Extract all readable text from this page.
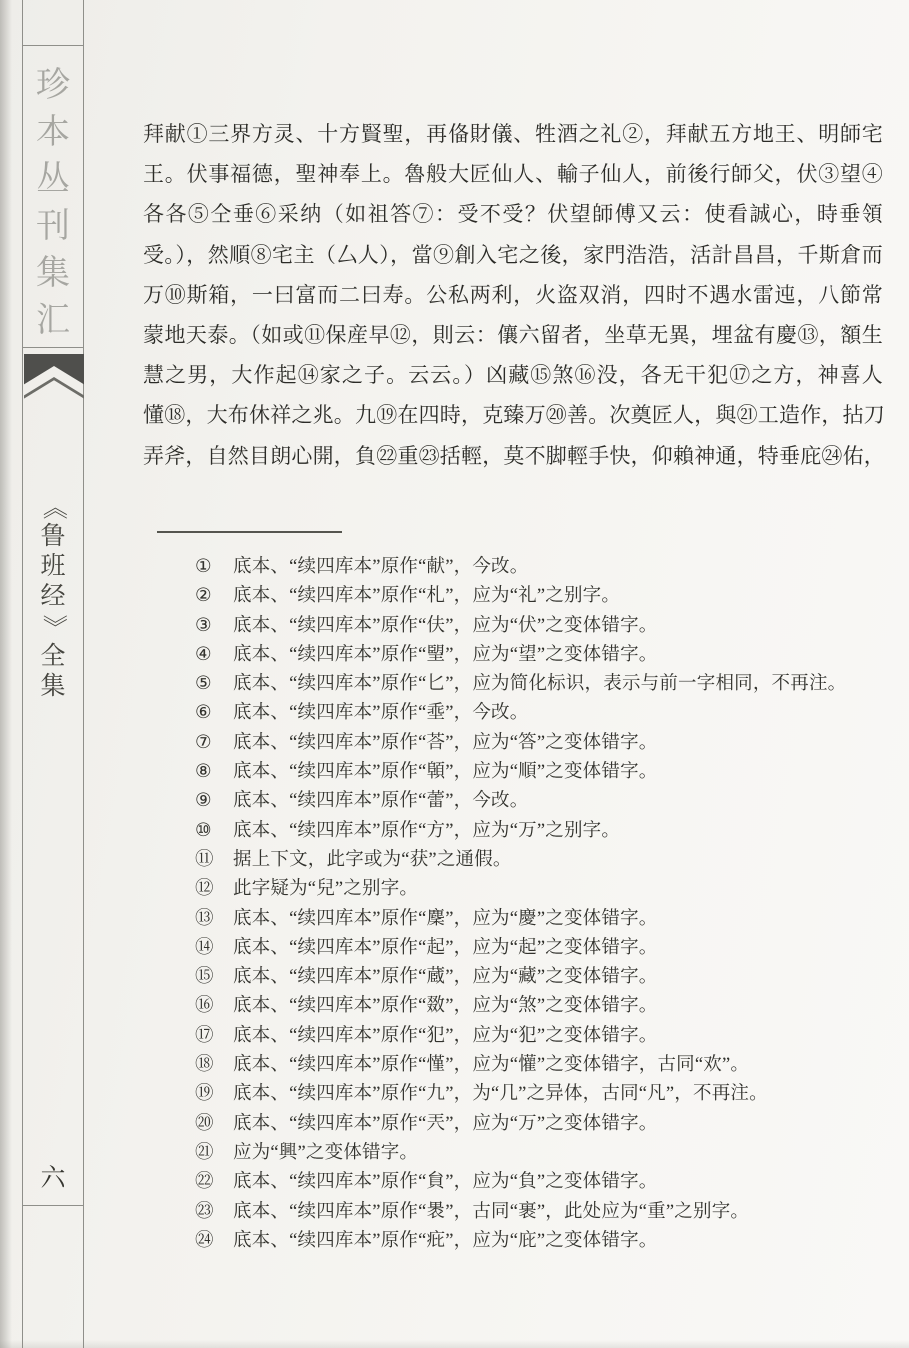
珍
本
丛
刊
集
汇
《
鲁
班
经
》
全
集
六
拜献①三界方灵、十方賢聖，再俻財儀、牲酒之礼②，拜献五方地王、明師宅
王。伏事福德，聖神奉上。魯般大匠仙人、輸子仙人，前後行師父，伏③望④
各各⑤仝垂⑥采纳（如祖答⑦：受不受？伏望師傅又云：使看誠心，時垂領
受。），然順⑧宅主（厶人），當⑨創入宅之後，家門浩浩，活計昌昌，千斯倉而
万⑩斯箱，一曰富而二曰寿。公私两利，火盗双消，四时不遇水雷迍，八節常
蒙地天泰。（如或⑪保産早⑫，則云：儴六留者，坐草无異，埋盆有慶⑬，額生
慧之男，大作起⑭家之子。云云。）凶藏⑮煞⑯没，各无干犯⑰之方，神喜人
懂⑱，大布休祥之兆。九⑲在四時，克臻万⑳善。次奠匠人，與㉑工造作，拈刀
弄斧，自然目朗心開，負㉒重㉓括輕，莫不脚輕手快，仰賴神通，特垂庇㉔佑，
①	底本、“续四库本”原作“献”，今改。
②	底本、“续四库本”原作“札”，应为“礼”之别字。
③	底本、“续四库本”原作“伕”，应为“伏”之变体错字。
④	底本、“续四库本”原作“朢”，应为“望”之变体错字。
⑤	底本、“续四库本”原作“匕”，应为简化标识，表示与前一字相同，不再注。
⑥	底本、“续四库本”原作“埀”，今改。
⑦	底本、“续四库本”原作“荅”，应为“答”之变体错字。
⑧	底本、“续四库本”原作“顊”，应为“順”之变体错字。
⑨	底本、“续四库本”原作“蕾”，今改。
⑩	底本、“续四库本”原作“方”，应为“万”之别字。
⑪	据上下文，此字或为“获”之通假。
⑫	此字疑为“兒”之别字。
⑬	底本、“续四库本”原作“麇”，应为“慶”之变体错字。
⑭	底本、“续四库本”原作“起”，应为“起”之变体错字。
⑮	底本、“续四库本”原作“蔵”，应为“藏”之变体错字。
⑯	底本、“续四库本”原作“敪”，应为“煞”之变体错字。
⑰	底本、“续四库本”原作“犯”，应为“犯”之变体错字。
⑱	底本、“续四库本”原作“慬”，应为“懽”之变体错字，古同“欢”。
⑲	底本、“续四库本”原作“九”，为“几”之异体，古同“凡”，不再注。
⑳	底本、“续四库本”原作“兲”，应为“万”之变体错字。
㉑	应为“興”之变体错字。
㉒	底本、“续四库本”原作“貟”，应为“負”之变体错字。
㉓	底本、“续四库本”原作“褁”，古同“裹”，此处应为“重”之别字。
㉔	底本、“续四库本”原作“疪”，应为“庇”之变体错字。
